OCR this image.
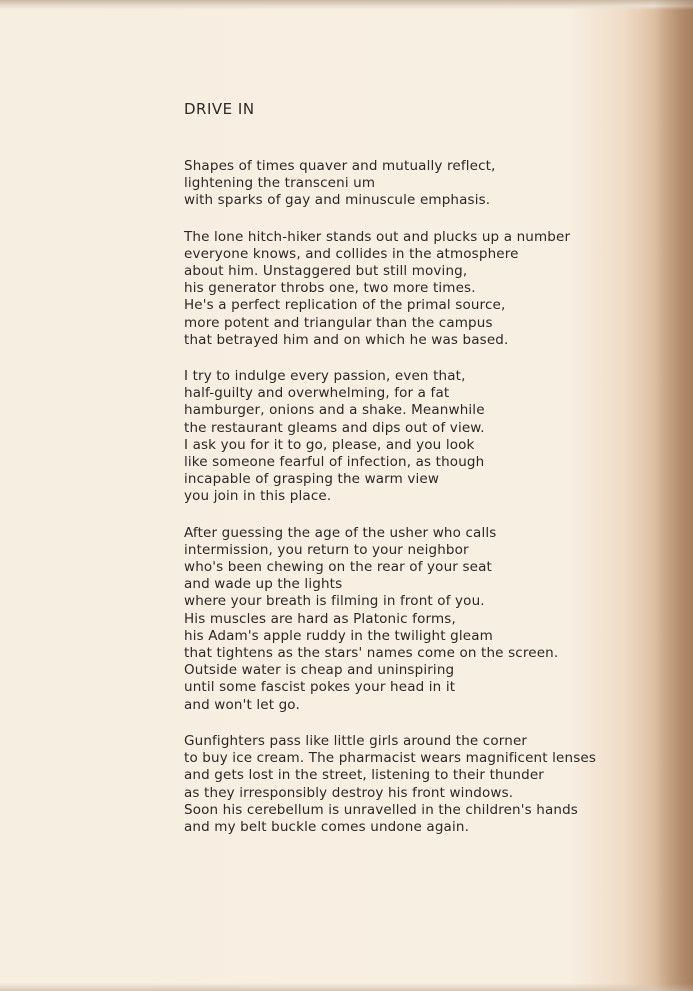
DRIVE IN
Shapes of times quaver and mutually reflect,
lightening the transceni um
with sparks of gay and minuscule emphasis.
The lone hitch-hiker stands out and plucks up a number
everyone knows, and collides in the atmosphere
about him. Unstaggered but still moving,
his generator throbs one, two more times.
He's a perfect replication of the primal source,
more potent and triangular than the campus
that betrayed him and on which he was based.
I try to indulge every passion, even that,
half-guilty and overwhelming, for a fat
hamburger, onions and a shake. Meanwhile
the restaurant gleams and dips out of view.
I ask you for it to go, please, and you look
like someone fearful of infection, as though
incapable of grasping the warm view
you join in this place.
After guessing the age of the usher who calls
intermission, you return to your neighbor
who's been chewing on the rear of your seat
and wade up the lights
where your breath is filming in front of you.
His muscles are hard as Platonic forms,
his Adam's apple ruddy in the twilight gleam
that tightens as the stars' names come on the screen.
Outside water is cheap and uninspiring
until some fascist pokes your head in it
and won't let go.
Gunfighters pass like little girls around the corner
to buy ice cream. The pharmacist wears magnificent lenses
and gets lost in the street, listening to their thunder
as they irresponsibly destroy his front windows.
Soon his cerebellum is unravelled in the children's hands
and my belt buckle comes undone again.
